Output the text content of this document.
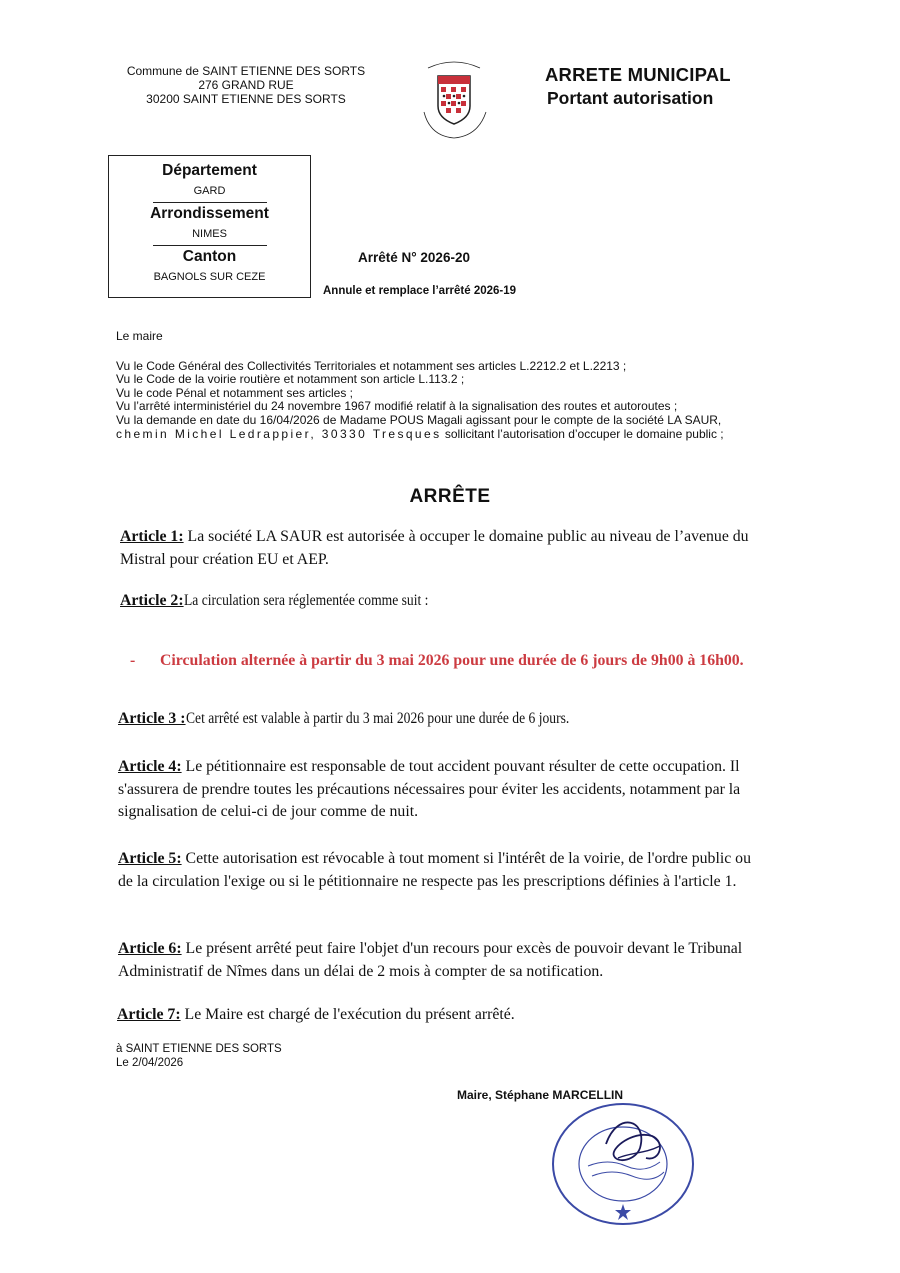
Commune de SAINT ETIENNE DES SORTS
276 GRAND RUE
30200 SAINT ETIENNE DES SORTS
ARRETE MUNICIPAL
Portant autorisation
Département
GARD
Arrondissement
NIMES
Canton
BAGNOLS SUR CEZE
Arrêté N° 2026-20
Annule et remplace l’arrêté 2026-19
Le maire
Vu le Code Général des Collectivités Territoriales et notamment ses articles L.2212.2 et L.2213 ;
Vu le Code de la voirie routière et notamment son article L.113.2 ;
Vu le code Pénal et notamment ses articles ;
Vu l’arrêté interministériel du 24 novembre 1967 modifié relatif à la signalisation des routes et autoroutes ;
Vu la demande en date du 16/04/2026 de Madame POUS Magali agissant pour le compte de la société LA SAUR, chemin Michel Ledrappier, 30330 Tresques sollicitant l’autorisation d’occuper le domaine public ;
ARRÊTE
Article 1: La société LA SAUR est autorisée à occuper le domaine public au niveau de l’avenue du Mistral pour création EU et AEP.
Article 2:La circulation sera réglementée comme suit :
-	Circulation alternée à partir du 3 mai 2026 pour une durée de 6 jours de 9h00 à 16h00.
Article 3 :Cet arrêté est valable à partir du 3 mai 2026 pour une durée de 6 jours.
Article 4: Le pétitionnaire est responsable de tout accident pouvant résulter de cette occupation. Il s'assurera de prendre toutes les précautions nécessaires pour éviter les accidents, notamment par la signalisation de celui-ci de jour comme de nuit.
Article 5: Cette autorisation est révocable à tout moment si l'intérêt de la voirie, de l'ordre public ou de la circulation l'exige ou si le pétitionnaire ne respecte pas les prescriptions définies à l'article 1.
Article 6: Le présent arrêté peut faire l'objet d'un recours pour excès de pouvoir devant le Tribunal Administratif de Nîmes dans un délai de 2 mois à compter de sa notification.
Article 7: Le Maire est chargé de l'exécution du présent arrêté.
à SAINT ETIENNE DES SORTS
Le 2/04/2026
Maire, Stéphane MARCELLIN
